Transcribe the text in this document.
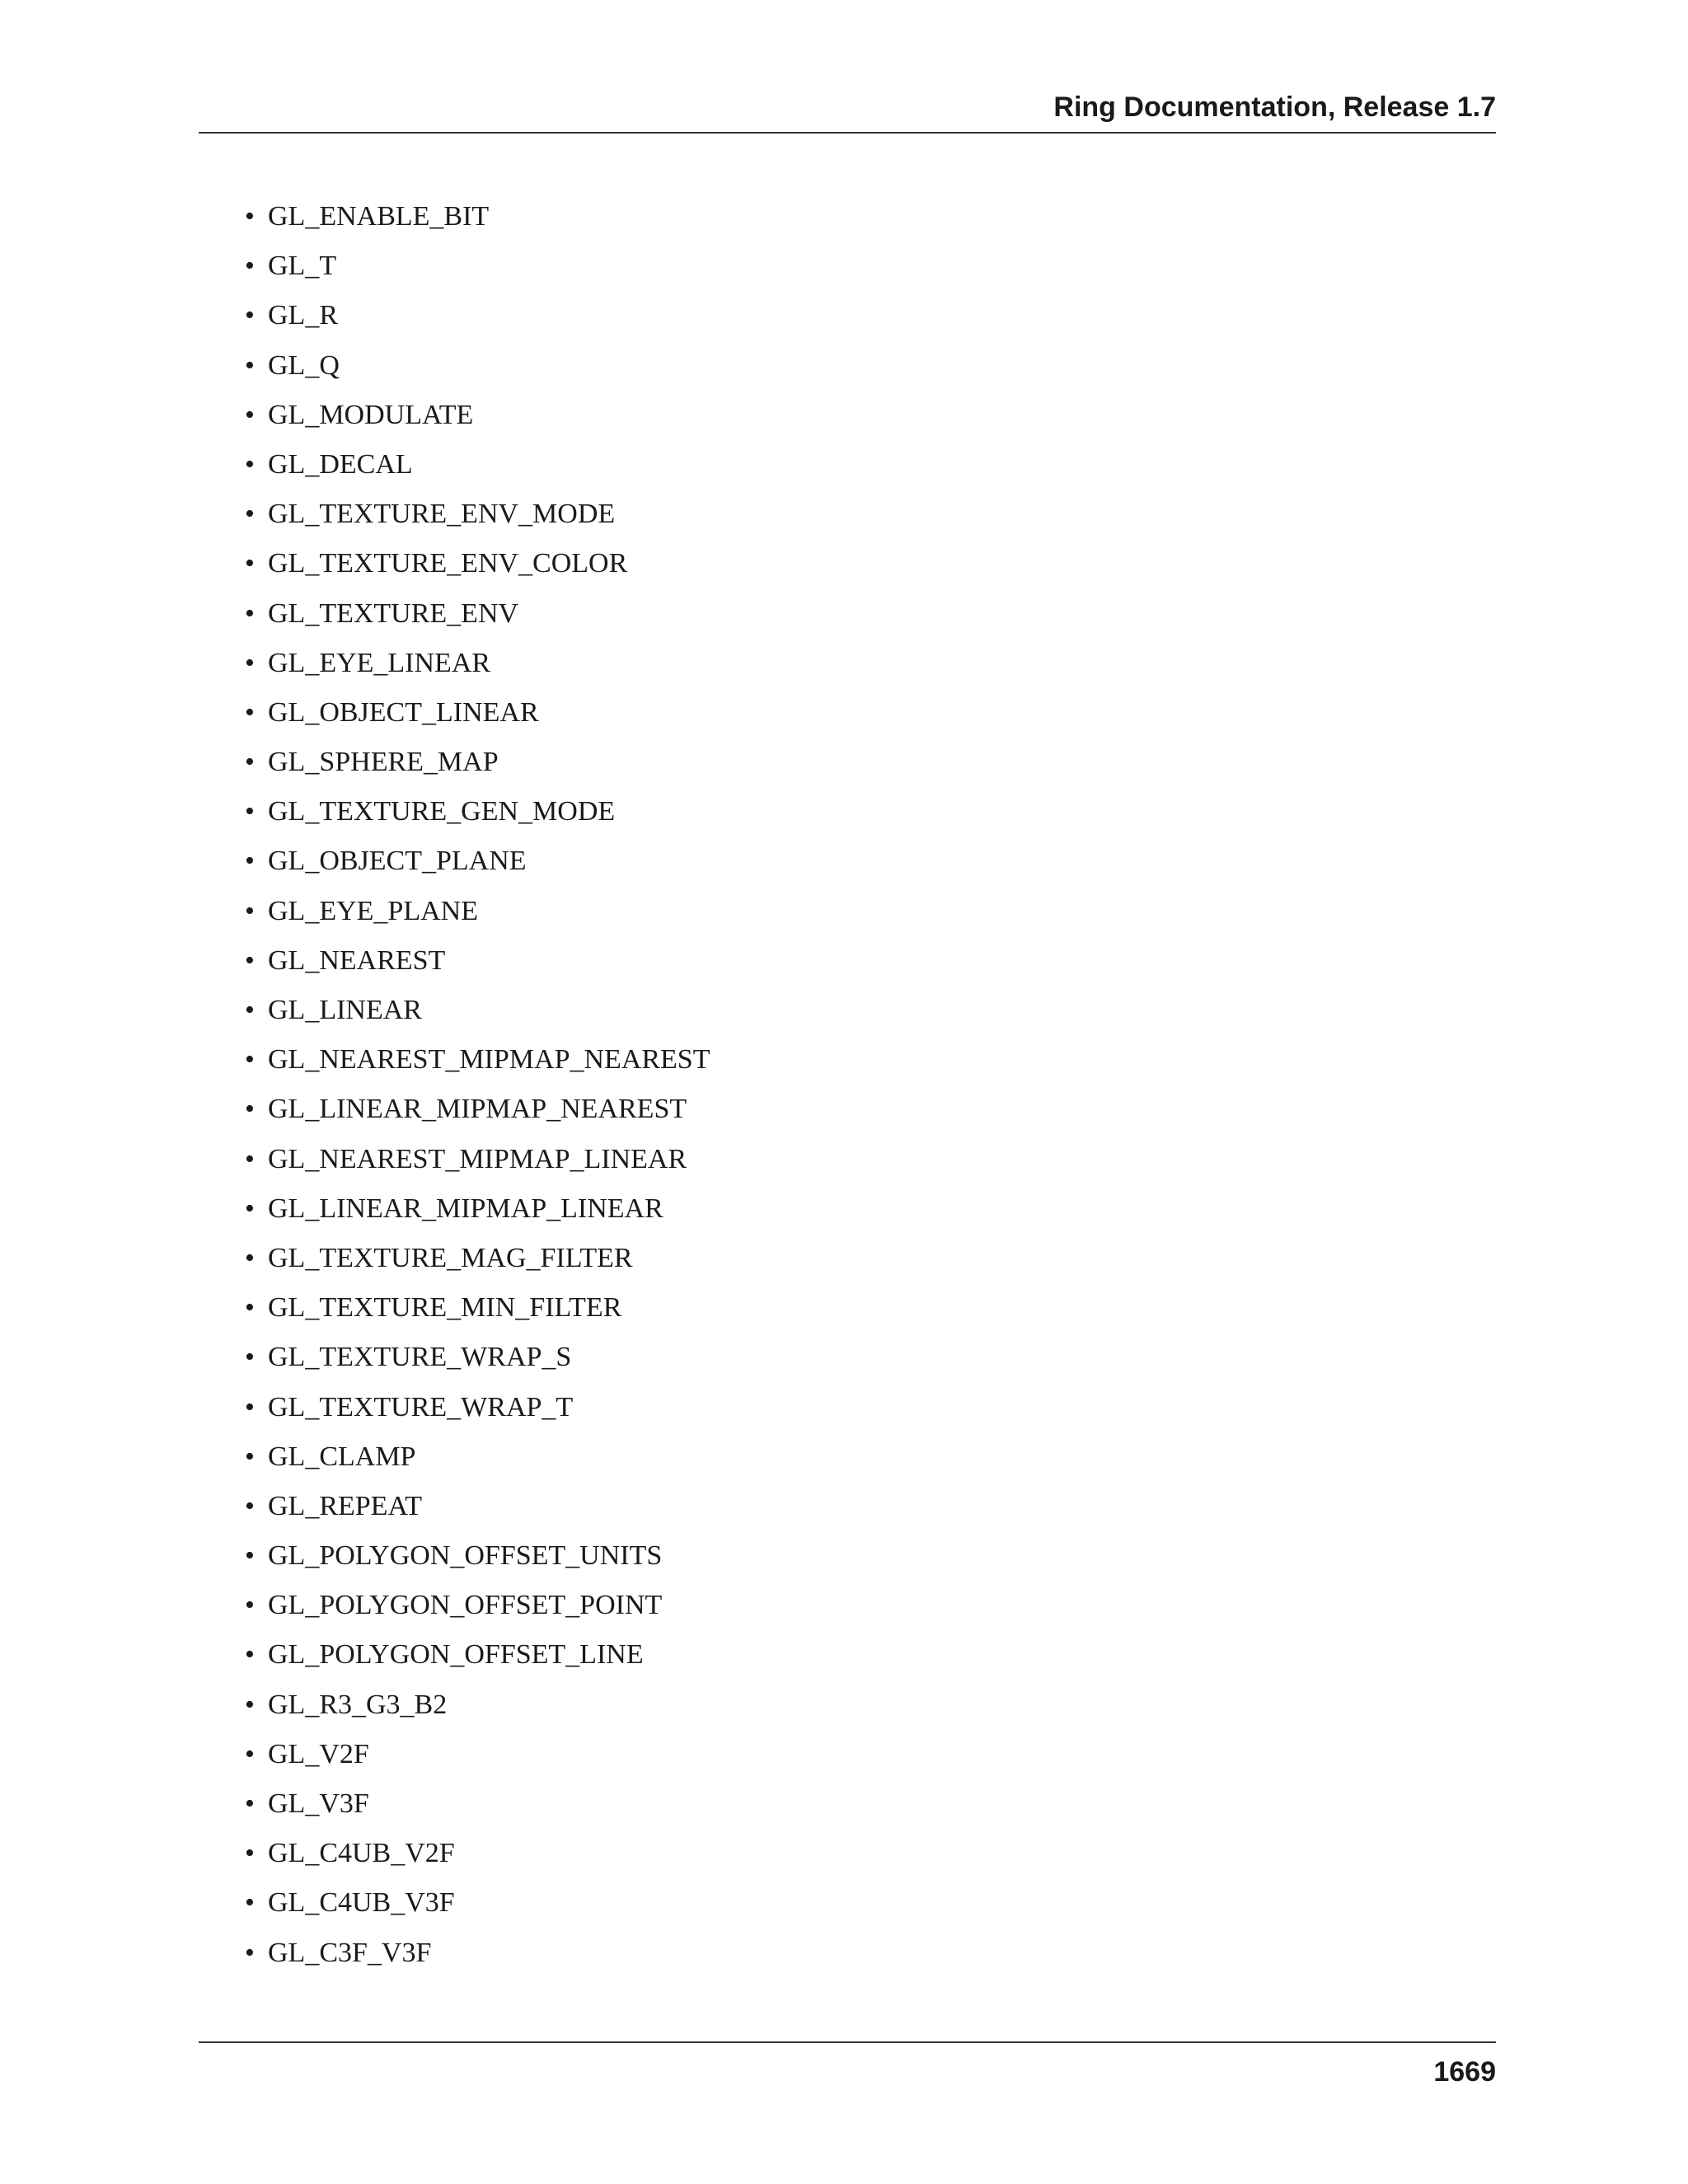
Ring Documentation, Release 1.7
• GL_ENABLE_BIT
• GL_T
• GL_R
• GL_Q
• GL_MODULATE
• GL_DECAL
• GL_TEXTURE_ENV_MODE
• GL_TEXTURE_ENV_COLOR
• GL_TEXTURE_ENV
• GL_EYE_LINEAR
• GL_OBJECT_LINEAR
• GL_SPHERE_MAP
• GL_TEXTURE_GEN_MODE
• GL_OBJECT_PLANE
• GL_EYE_PLANE
• GL_NEAREST
• GL_LINEAR
• GL_NEAREST_MIPMAP_NEAREST
• GL_LINEAR_MIPMAP_NEAREST
• GL_NEAREST_MIPMAP_LINEAR
• GL_LINEAR_MIPMAP_LINEAR
• GL_TEXTURE_MAG_FILTER
• GL_TEXTURE_MIN_FILTER
• GL_TEXTURE_WRAP_S
• GL_TEXTURE_WRAP_T
• GL_CLAMP
• GL_REPEAT
• GL_POLYGON_OFFSET_UNITS
• GL_POLYGON_OFFSET_POINT
• GL_POLYGON_OFFSET_LINE
• GL_R3_G3_B2
• GL_V2F
• GL_V3F
• GL_C4UB_V2F
• GL_C4UB_V3F
• GL_C3F_V3F
1669
